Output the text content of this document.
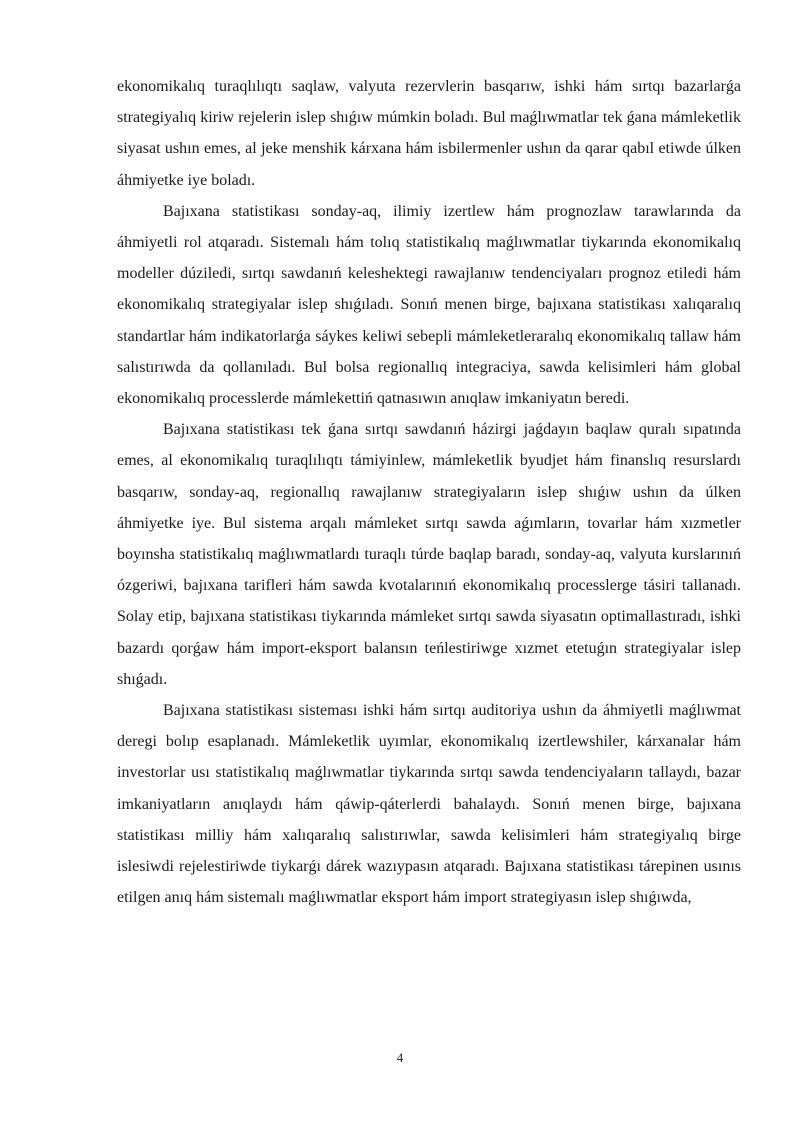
ekonomikalıq turaqlılıqtı saqlaw, valyuta rezervlerin basqarıw, ishki hám sırtqı bazarlarǵa strategiyalıq kiriw rejelerin islep shıǵıw múmkin boladı. Bul maǵlıwmatlar tek ǵana mámleketlik siyasat ushın emes, al jeke menshik kárxana hám isbilermenler ushın da qarar qabıl etiwde úlken áhmiyetke iye boladı.

Bajıxana statistikası sonday-aq, ilimiy izertlew hám prognozlaw tarawlarında da áhmiyetli rol atqaradı. Sistemalı hám tolıq statistikalıq maǵlıwmatlar tiykarında ekonomikalıq modeller dúziledi, sırtqı sawdanıń keleshektegi rawajlanıw tendenciyaları prognoz etiledi hám ekonomikalıq strategiyalar islep shıǵıladı. Sonıń menen birge, bajıxana statistikası xalıqaralıq standartlar hám indikatorlarǵa sáykes keliwi sebepli mámleketleraralıq ekonomikalıq tallaw hám salıstırıwda da qollanıladı. Bul bolsa regionallıq integraciya, sawda kelisimleri hám global ekonomikalıq processlerde mámlekettiń qatnasıwın anıqlaw imkaniyatın beredi.

Bajıxana statistikası tek ǵana sırtqı sawdanıń házirgi jaǵdayın baqlaw quralı sıpatında emes, al ekonomikalıq turaqlılıqtı támiyinlew, mámleketlik byudjet hám finanslıq resurslardı basqarıw, sonday-aq, regionallıq rawajlanıw strategiyaların islep shıǵıw ushın da úlken áhmiyetke iye. Bul sistema arqalı mámleket sırtqı sawda aǵımların, tovarlar hám xızmetler boyınsha statistikalıq maǵlıwmatlardı turaqlı túrde baqlap baradı, sonday-aq, valyuta kurslarınıń ózgeriwi, bajıxana tarifleri hám sawda kvotalarınıń ekonomikalıq processlerge tásiri tallanadı. Solay etip, bajıxana statistikası tiykarında mámleket sırtqı sawda siyasatın optimallastıradı, ishki bazardı qorǵaw hám import-eksport balansın teńlestiriwge xızmet etetuǵın strategiyalar islep shıǵadı.

Bajıxana statistikası sisteması ishki hám sırtqı auditoriya ushın da áhmiyetli maǵlıwmat deregi bolıp esaplanadı. Mámleketlik uyımlar, ekonomikalıq izertlewshiler, kárxanalar hám investorlar usı statistikalıq maǵlıwmatlar tiykarında sırtqı sawda tendenciyaların tallaydı, bazar imkaniyatların anıqlaydı hám qáwip-qáterlerdi bahalaydı. Sonıń menen birge, bajıxana statistikası milliy hám xalıqaralıq salıstırıwlar, sawda kelisimleri hám strategiyalıq birge islesiwdi rejelestiriwde tiykarǵı dárek wazıypasın atqaradı. Bajıxana statistikası tárepinen usınıs etilgen anıq hám sistemalı maǵlıwmatlar eksport hám import strategiyasın islep shıǵıwda,

4
